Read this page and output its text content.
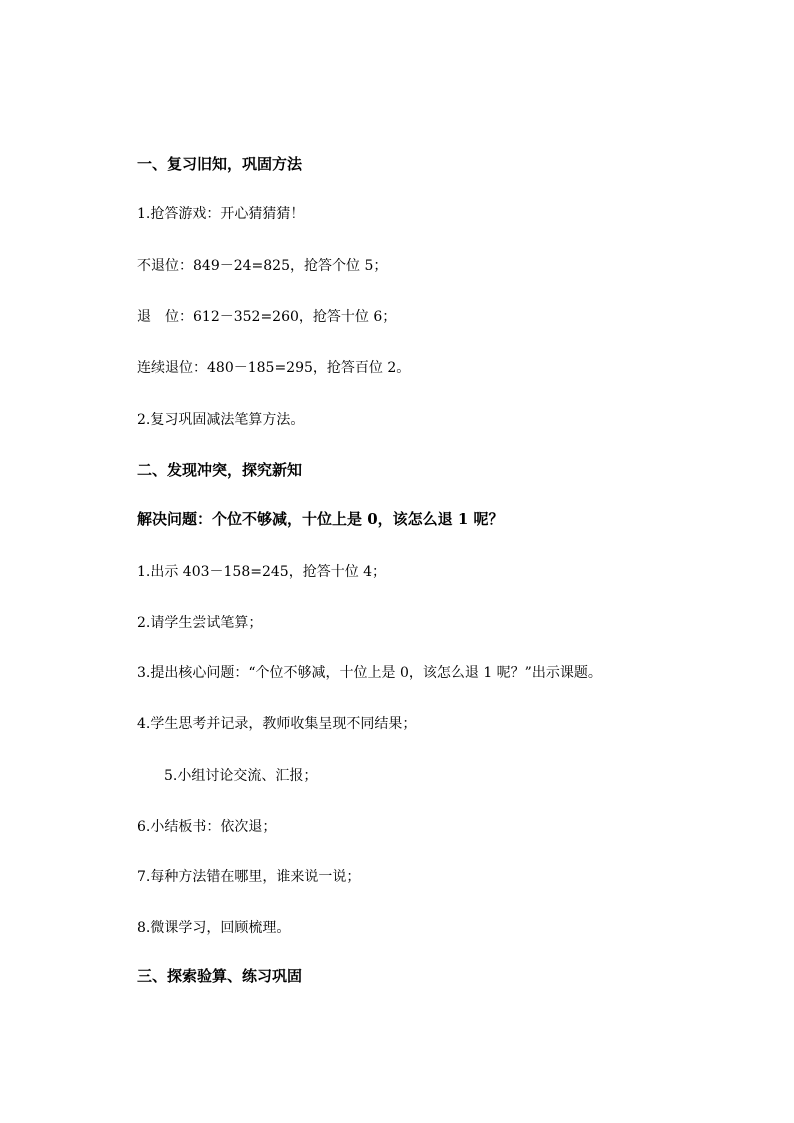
一、复习旧知，巩固方法
1.抢答游戏：开心猜猜猜！
不退位：849－24=825，抢答个位 5；
退　位：612－352=260，抢答十位 6；
连续退位：480－185=295，抢答百位 2。
2.复习巩固减法笔算方法。
二、发现冲突，探究新知
解决问题：个位不够减，十位上是 0，该怎么退 1 呢？
1.出示 403－158=245，抢答十位 4；
2.请学生尝试笔算；
3.提出核心问题：“个位不够减，十位上是 0，该怎么退 1 呢？”出示课题。
4.学生思考并记录，教师收集呈现不同结果；
5.小组讨论交流、汇报；
6.小结板书：依次退；
7.每种方法错在哪里，谁来说一说；
8.微课学习，回顾梳理。
三、探索验算、练习巩固
